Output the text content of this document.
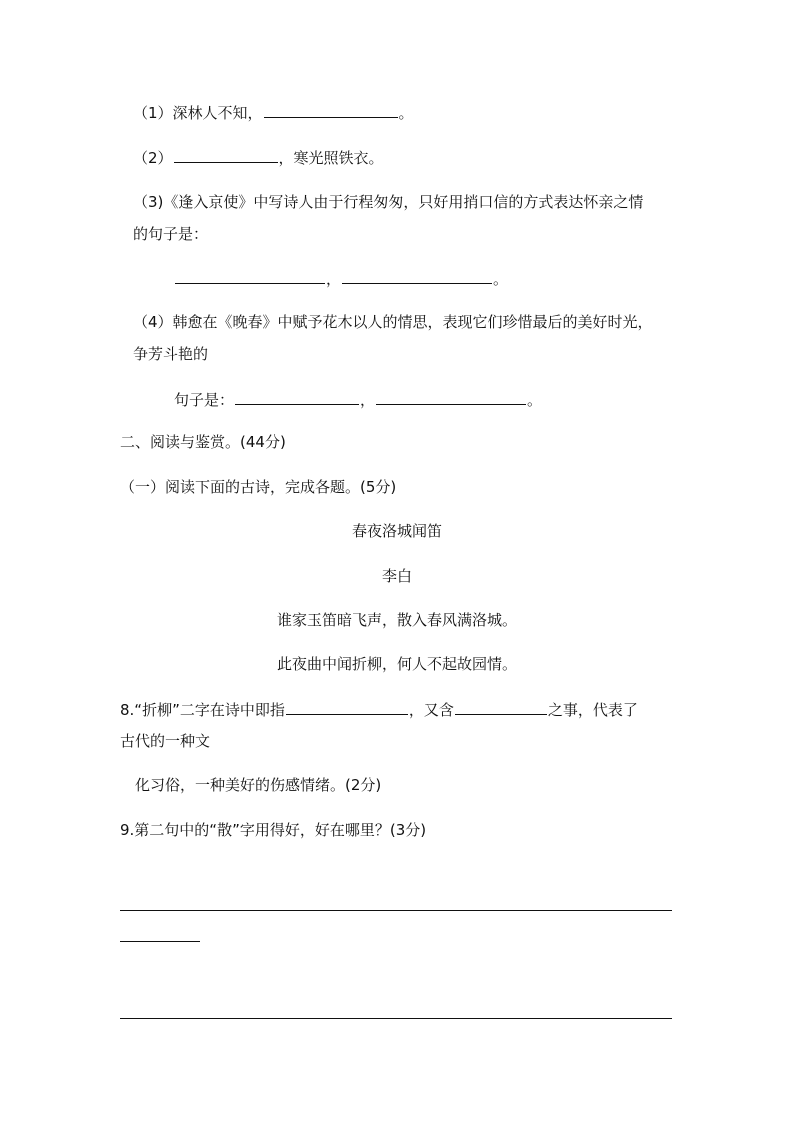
（1）深林人不知，	。
（2）	，寒光照铁衣。
（3)《逢入京使》中写诗人由于行程匆匆，只好用捎口信的方式表达怀亲之情
的句子是：
，	。
（4）韩愈在《晚春》中赋予花木以人的情思，表现它们珍惜最后的美好时光，
争芳斗艳的
句子是：	，	。
二、阅读与鉴赏。(44分)
（一）阅读下面的古诗，完成各题。(5分)
春夜洛城闻笛
李白
谁家玉笛暗飞声，散入春风满洛城。
此夜曲中闻折柳，何人不起故园情。
8.“折柳”二字在诗中即指	，又含	之事，代表了
古代的一种文
化习俗，一种美好的伤感情绪。(2分)
9.第二句中的“散”字用得好，好在哪里？(3分)
